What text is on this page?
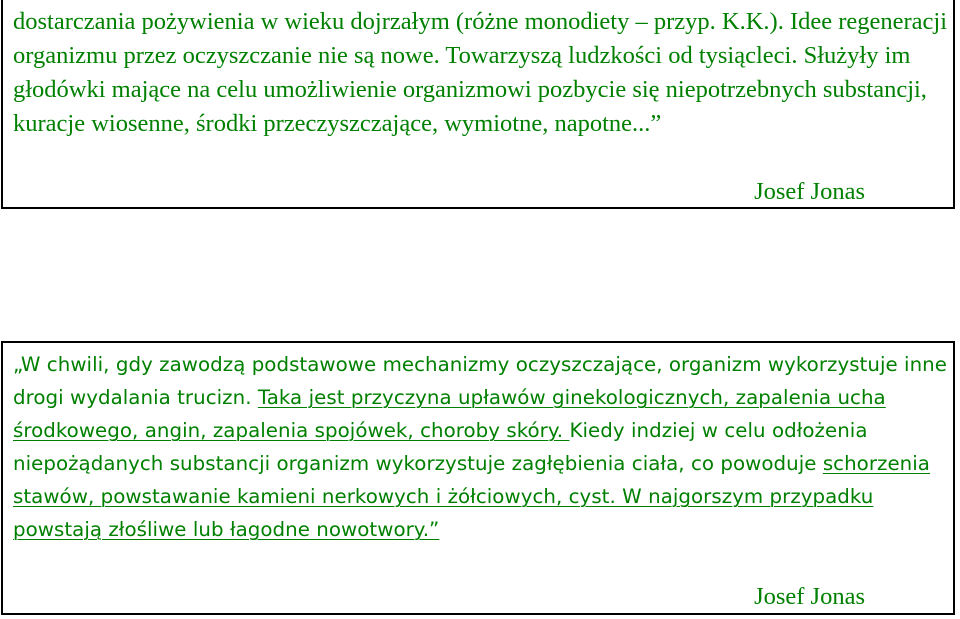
dostarczania pożywienia w wieku dojrzałym (różne monodiety – przyp. K.K.). Idee regeneracji organizmu przez oczyszczanie nie są nowe. Towarzyszą ludzkości od tysiącleci. Służyły im głodówki mające na celu umożliwienie organizmowi pozbycie się niepotrzebnych substancji, kuracje wiosenne, środki przeczyszczające, wymiotne, napotne...”

Josef Jonas

„W chwili, gdy zawodzą podstawowe mechanizmy oczyszczające, organizm wykorzystuje inne drogi wydalania trucizn. Taka jest przyczyna upławów ginekologicznych, zapalenia ucha środkowego, angin, zapalenia spojówek, choroby skóry. Kiedy indziej w celu odłożenia niepożądanych substancji organizm wykorzystuje zagłębienia ciała, co powoduje schorzenia stawów, powstawanie kamieni nerkowych i żółciowych, cyst. W najgorszym przypadku powstają złośliwe lub łagodne nowotwory.”

Josef Jonas
